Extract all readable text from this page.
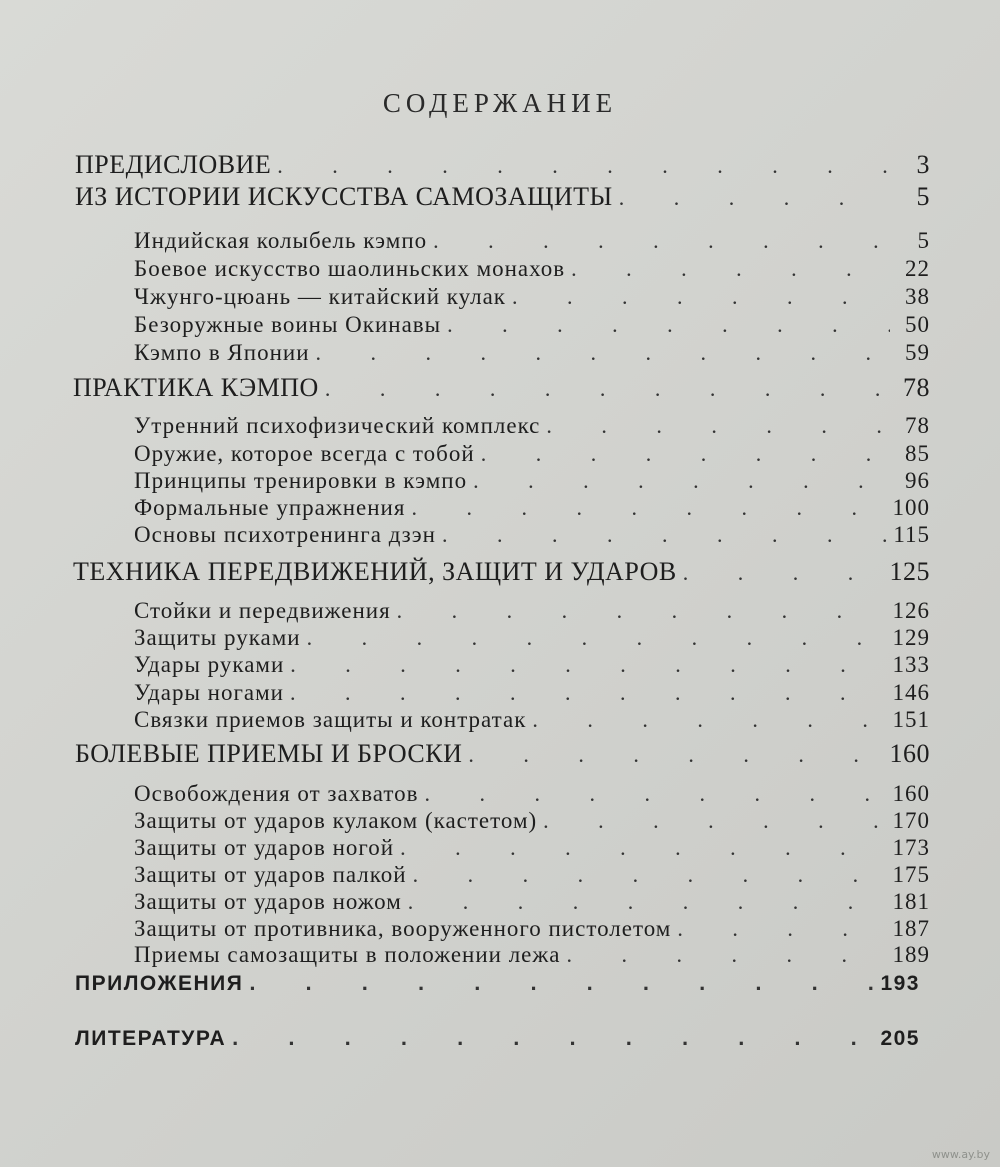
СОДЕРЖАНИЕ
ПРЕДИСЛОВИЕ . . .	3
ИЗ ИСТОРИИ ИСКУССТВА САМОЗАЩИТЫ . . .	5
Индийская колыбель кэмпо . . .	5
Боевое искусство шаолиньских монахов . . .	22
Чжунго-цюань — китайский кулак . . .	38
Безоружные воины Окинавы . . .	50
Кэмпо в Японии . . .	59
ПРАКТИКА КЭМПО . . .	78
Утренний психофизический комплекс . . .	78
Оружие, которое всегда с тобой . . .	85
Принципы тренировки в кэмпо . . .	96
Формальные упражнения . . .	100
Основы психотренинга дзэн . . .	115
ТЕХНИКА ПЕРЕДВИЖЕНИЙ, ЗАЩИТ И УДАРОВ . . .	125
Стойки и передвижения . . .	126
Защиты руками . . .	129
Удары руками . . .	133
Удары ногами . . .	146
Связки приемов защиты и контратак . . .	151
БОЛЕВЫЕ ПРИЕМЫ И БРОСКИ . . .	160
Освобождения от захватов . . .	160
Защиты от ударов кулаком (кастетом) . . .	170
Защиты от ударов ногой . . .	173
Защиты от ударов палкой . . .	175
Защиты от ударов ножом . . .	181
Защиты от противника, вооруженного пистолетом . . .	187
Приемы самозащиты в положении лежа . . .	189
ПРИЛОЖЕНИЯ . . .	193
ЛИТЕРАТУРА . . .	205
www.ay.by
